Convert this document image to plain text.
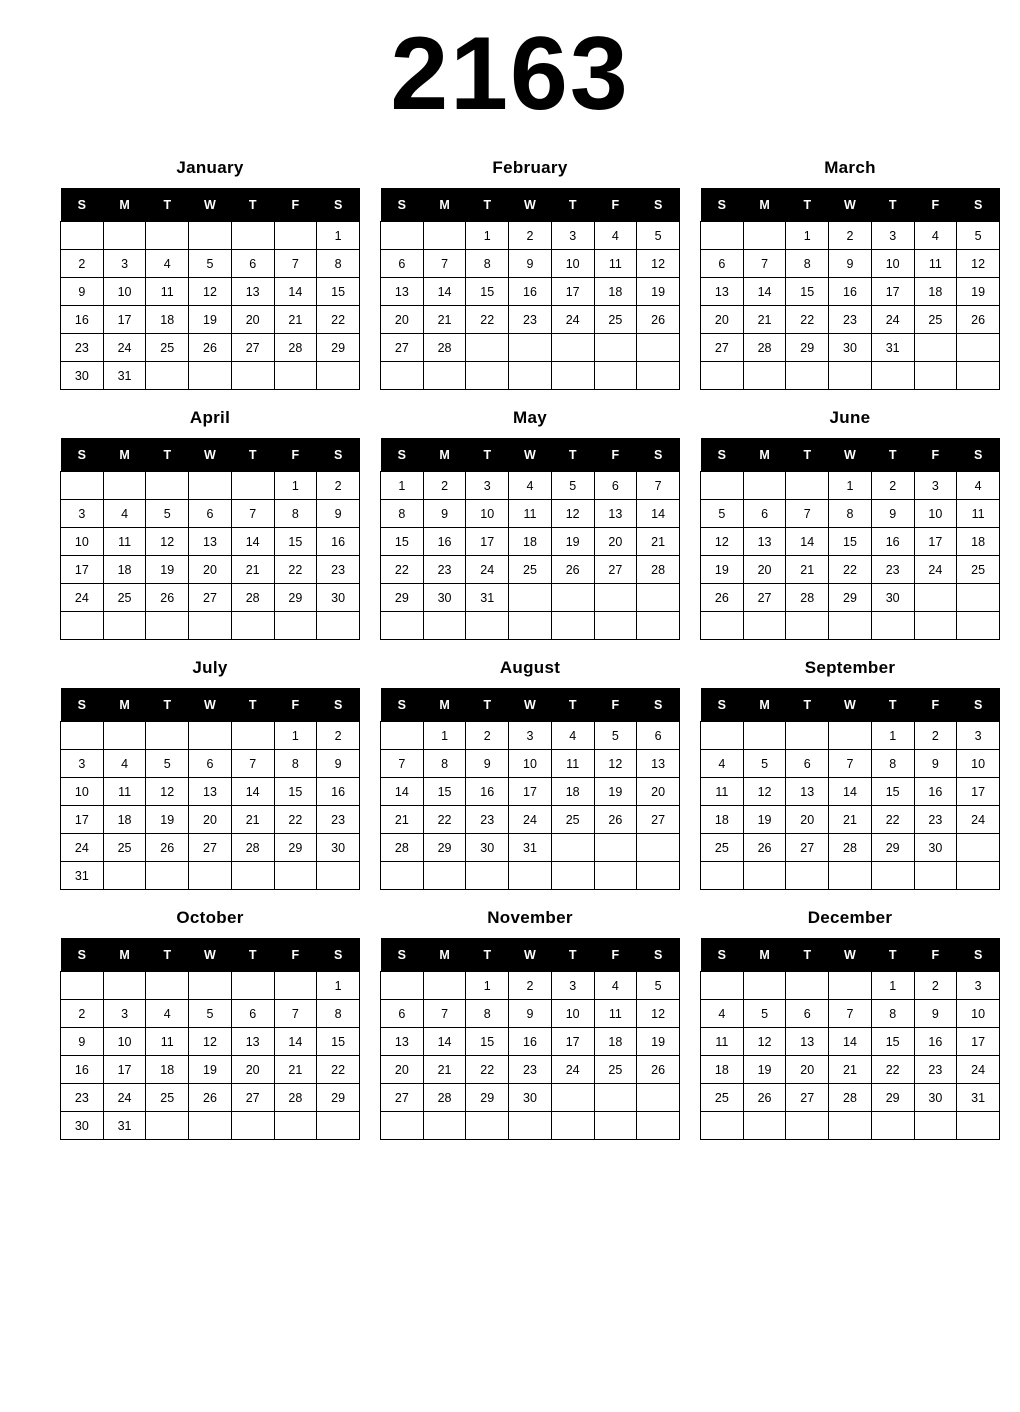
2163
January
S	M	T	W	T	F	S
						1
2	3	4	5	6	7	8
9	10	11	12	13	14	15
16	17	18	19	20	21	22
23	24	25	26	27	28	29
30	31					
February
S	M	T	W	T	F	S
		1	2	3	4	5
6	7	8	9	10	11	12
13	14	15	16	17	18	19
20	21	22	23	24	25	26
27	28					

March
S	M	T	W	T	F	S
		1	2	3	4	5
6	7	8	9	10	11	12
13	14	15	16	17	18	19
20	21	22	23	24	25	26
27	28	29	30	31		

April
S	M	T	W	T	F	S
					1	2
3	4	5	6	7	8	9
10	11	12	13	14	15	16
17	18	19	20	21	22	23
24	25	26	27	28	29	30

May
S	M	T	W	T	F	S
1	2	3	4	5	6	7
8	9	10	11	12	13	14
15	16	17	18	19	20	21
22	23	24	25	26	27	28
29	30	31				

June
S	M	T	W	T	F	S
			1	2	3	4
5	6	7	8	9	10	11
12	13	14	15	16	17	18
19	20	21	22	23	24	25
26	27	28	29	30		

July
S	M	T	W	T	F	S
					1	2
3	4	5	6	7	8	9
10	11	12	13	14	15	16
17	18	19	20	21	22	23
24	25	26	27	28	29	30
31						
August
S	M	T	W	T	F	S
	1	2	3	4	5	6
7	8	9	10	11	12	13
14	15	16	17	18	19	20
21	22	23	24	25	26	27
28	29	30	31			

September
S	M	T	W	T	F	S
				1	2	3
4	5	6	7	8	9	10
11	12	13	14	15	16	17
18	19	20	21	22	23	24
25	26	27	28	29	30	

October
S	M	T	W	T	F	S
						1
2	3	4	5	6	7	8
9	10	11	12	13	14	15
16	17	18	19	20	21	22
23	24	25	26	27	28	29
30	31					
November
S	M	T	W	T	F	S
		1	2	3	4	5
6	7	8	9	10	11	12
13	14	15	16	17	18	19
20	21	22	23	24	25	26
27	28	29	30			

December
S	M	T	W	T	F	S
				1	2	3
4	5	6	7	8	9	10
11	12	13	14	15	16	17
18	19	20	21	22	23	24
25	26	27	28	29	30	31
